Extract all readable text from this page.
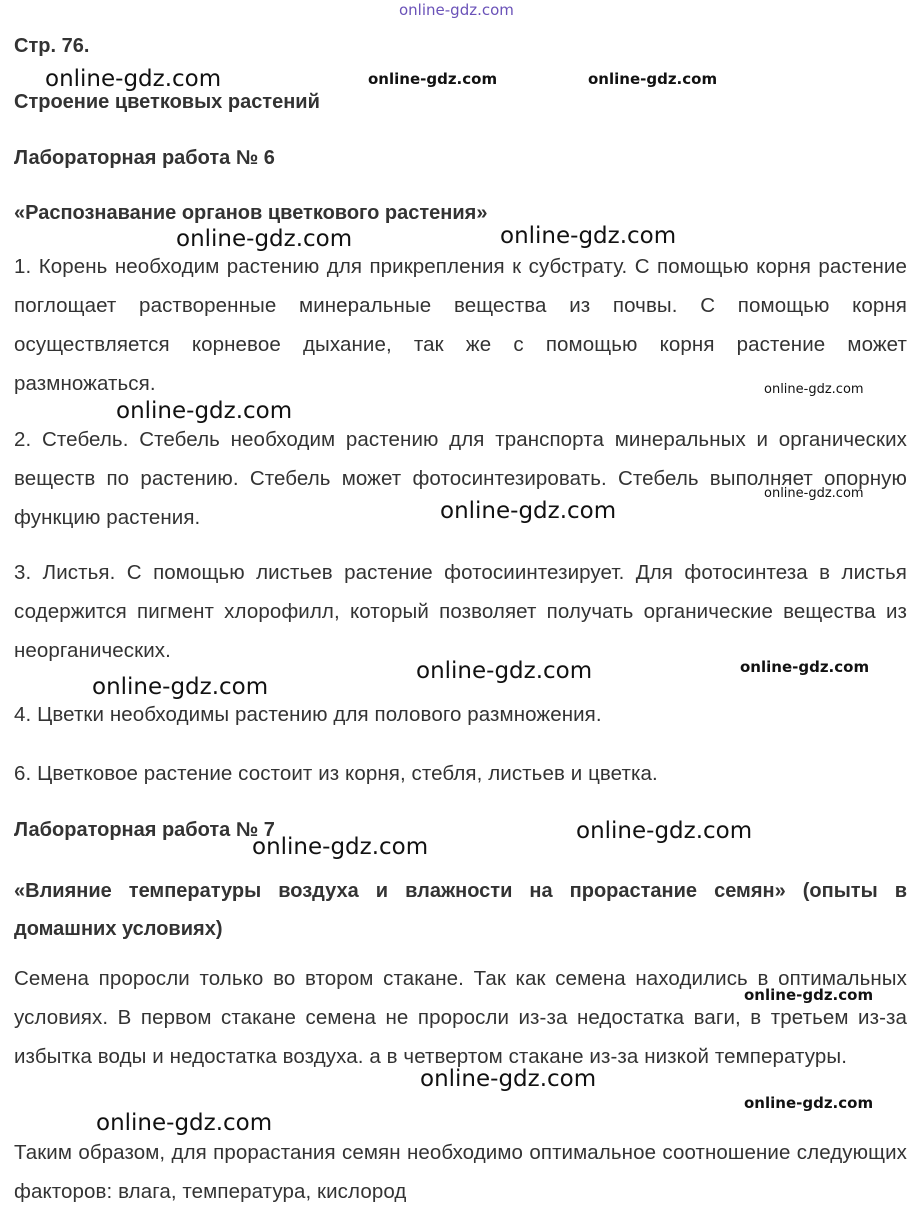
online-gdz.com
Стр. 76.
Строение цветковых растений
Лабораторная работа № 6
«Распознавание органов цветкового растения»

1. Корень необходим растению для прикрепления к субстрату. С помощью корня растение поглощает растворенные минеральные вещества из почвы. С помощью корня осуществляется корневое дыхание, так же с помощью корня растение может размножаться.

2. Стебель. Стебель необходим растению для транспорта минеральных и органических веществ по растению. Стебель может фотосинтезировать. Стебель выполняет опорную функцию растения.

3. Листья. С помощью листьев растение фотосиинтезирует. Для фотосинтеза в листья содержится пигмент хлорофилл, который позволяет получать органические вещества из неорганических.

4. Цветки необходимы растению для полового размножения.

6. Цветковое растение состоит из корня, стебля, листьев и цветка.

Лабораторная работа № 7
«Влияние температуры воздуха и влажности на прорастание семян» (опыты в домашних условиях)

Семена проросли только во втором стакане. Так как семена находились в оптимальных условиях. В первом стакане семена не проросли из-за недостатка ваги, в третьем из-за избытка воды и недостатка воздуха. а в четвертом стакане из-за низкой температуры.

Таким образом, для прорастания семян необходимо оптимальное соотношение следующих факторов: влага, температура, кислород

online-gdz.com	online-gdz.com	online-gdz.com
online-gdz.com	online-gdz.com
online-gdz.com
online-gdz.com
online-gdz.com
online-gdz.com
online-gdz.com	online-gdz.com
online-gdz.com
online-gdz.com
online-gdz.com
online-gdz.com
online-gdz.com
online-gdz.com
online-gdz.com
